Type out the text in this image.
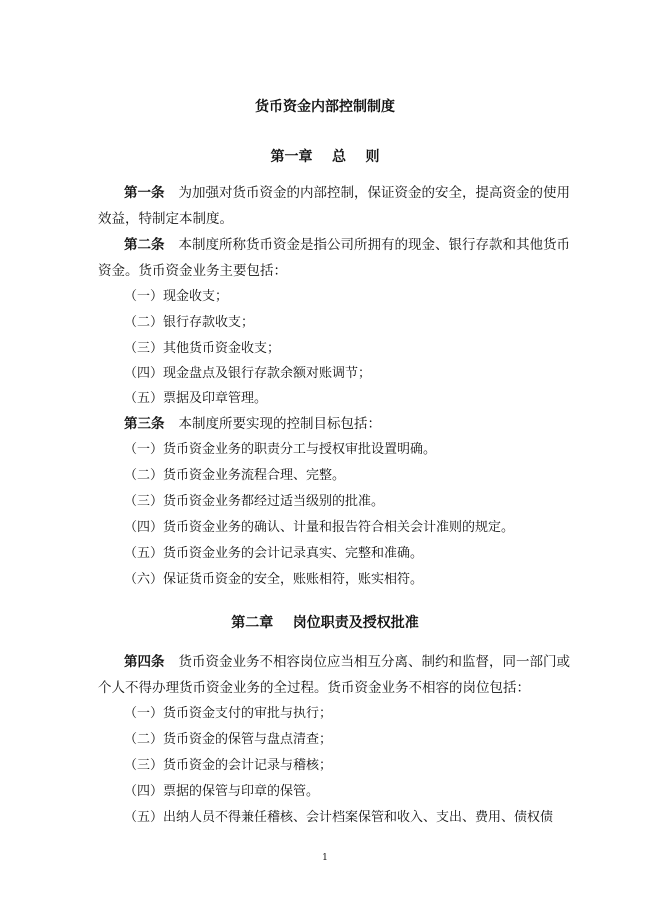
货币资金内部控制制度
第一章    总    则
第一条 为加强对货币资金的内部控制，保证资金的安全，提高资金的使用
效益，特制定本制度。
第二条 本制度所称货币资金是指公司所拥有的现金、银行存款和其他货币
资金。货币资金业务主要包括：
（一）现金收支；
（二）银行存款收支；
（三）其他货币资金收支；
（四）现金盘点及银行存款余额对账调节；
（五）票据及印章管理。
第三条 本制度所要实现的控制目标包括：
（一）货币资金业务的职责分工与授权审批设置明确。
（二）货币资金业务流程合理、完整。
（三）货币资金业务都经过适当级别的批准。
（四）货币资金业务的确认、计量和报告符合相关会计准则的规定。
（五）货币资金业务的会计记录真实、完整和准确。
（六）保证货币资金的安全，账账相符，账实相符。
第二章    岗位职责及授权批准
第四条 货币资金业务不相容岗位应当相互分离、制约和监督，同一部门或
个人不得办理货币资金业务的全过程。货币资金业务不相容的岗位包括：
（一）货币资金支付的审批与执行；
（二）货币资金的保管与盘点清查；
（三）货币资金的会计记录与稽核；
（四）票据的保管与印章的保管。
（五）出纳人员不得兼任稽核、会计档案保管和收入、支出、费用、债权债
1
